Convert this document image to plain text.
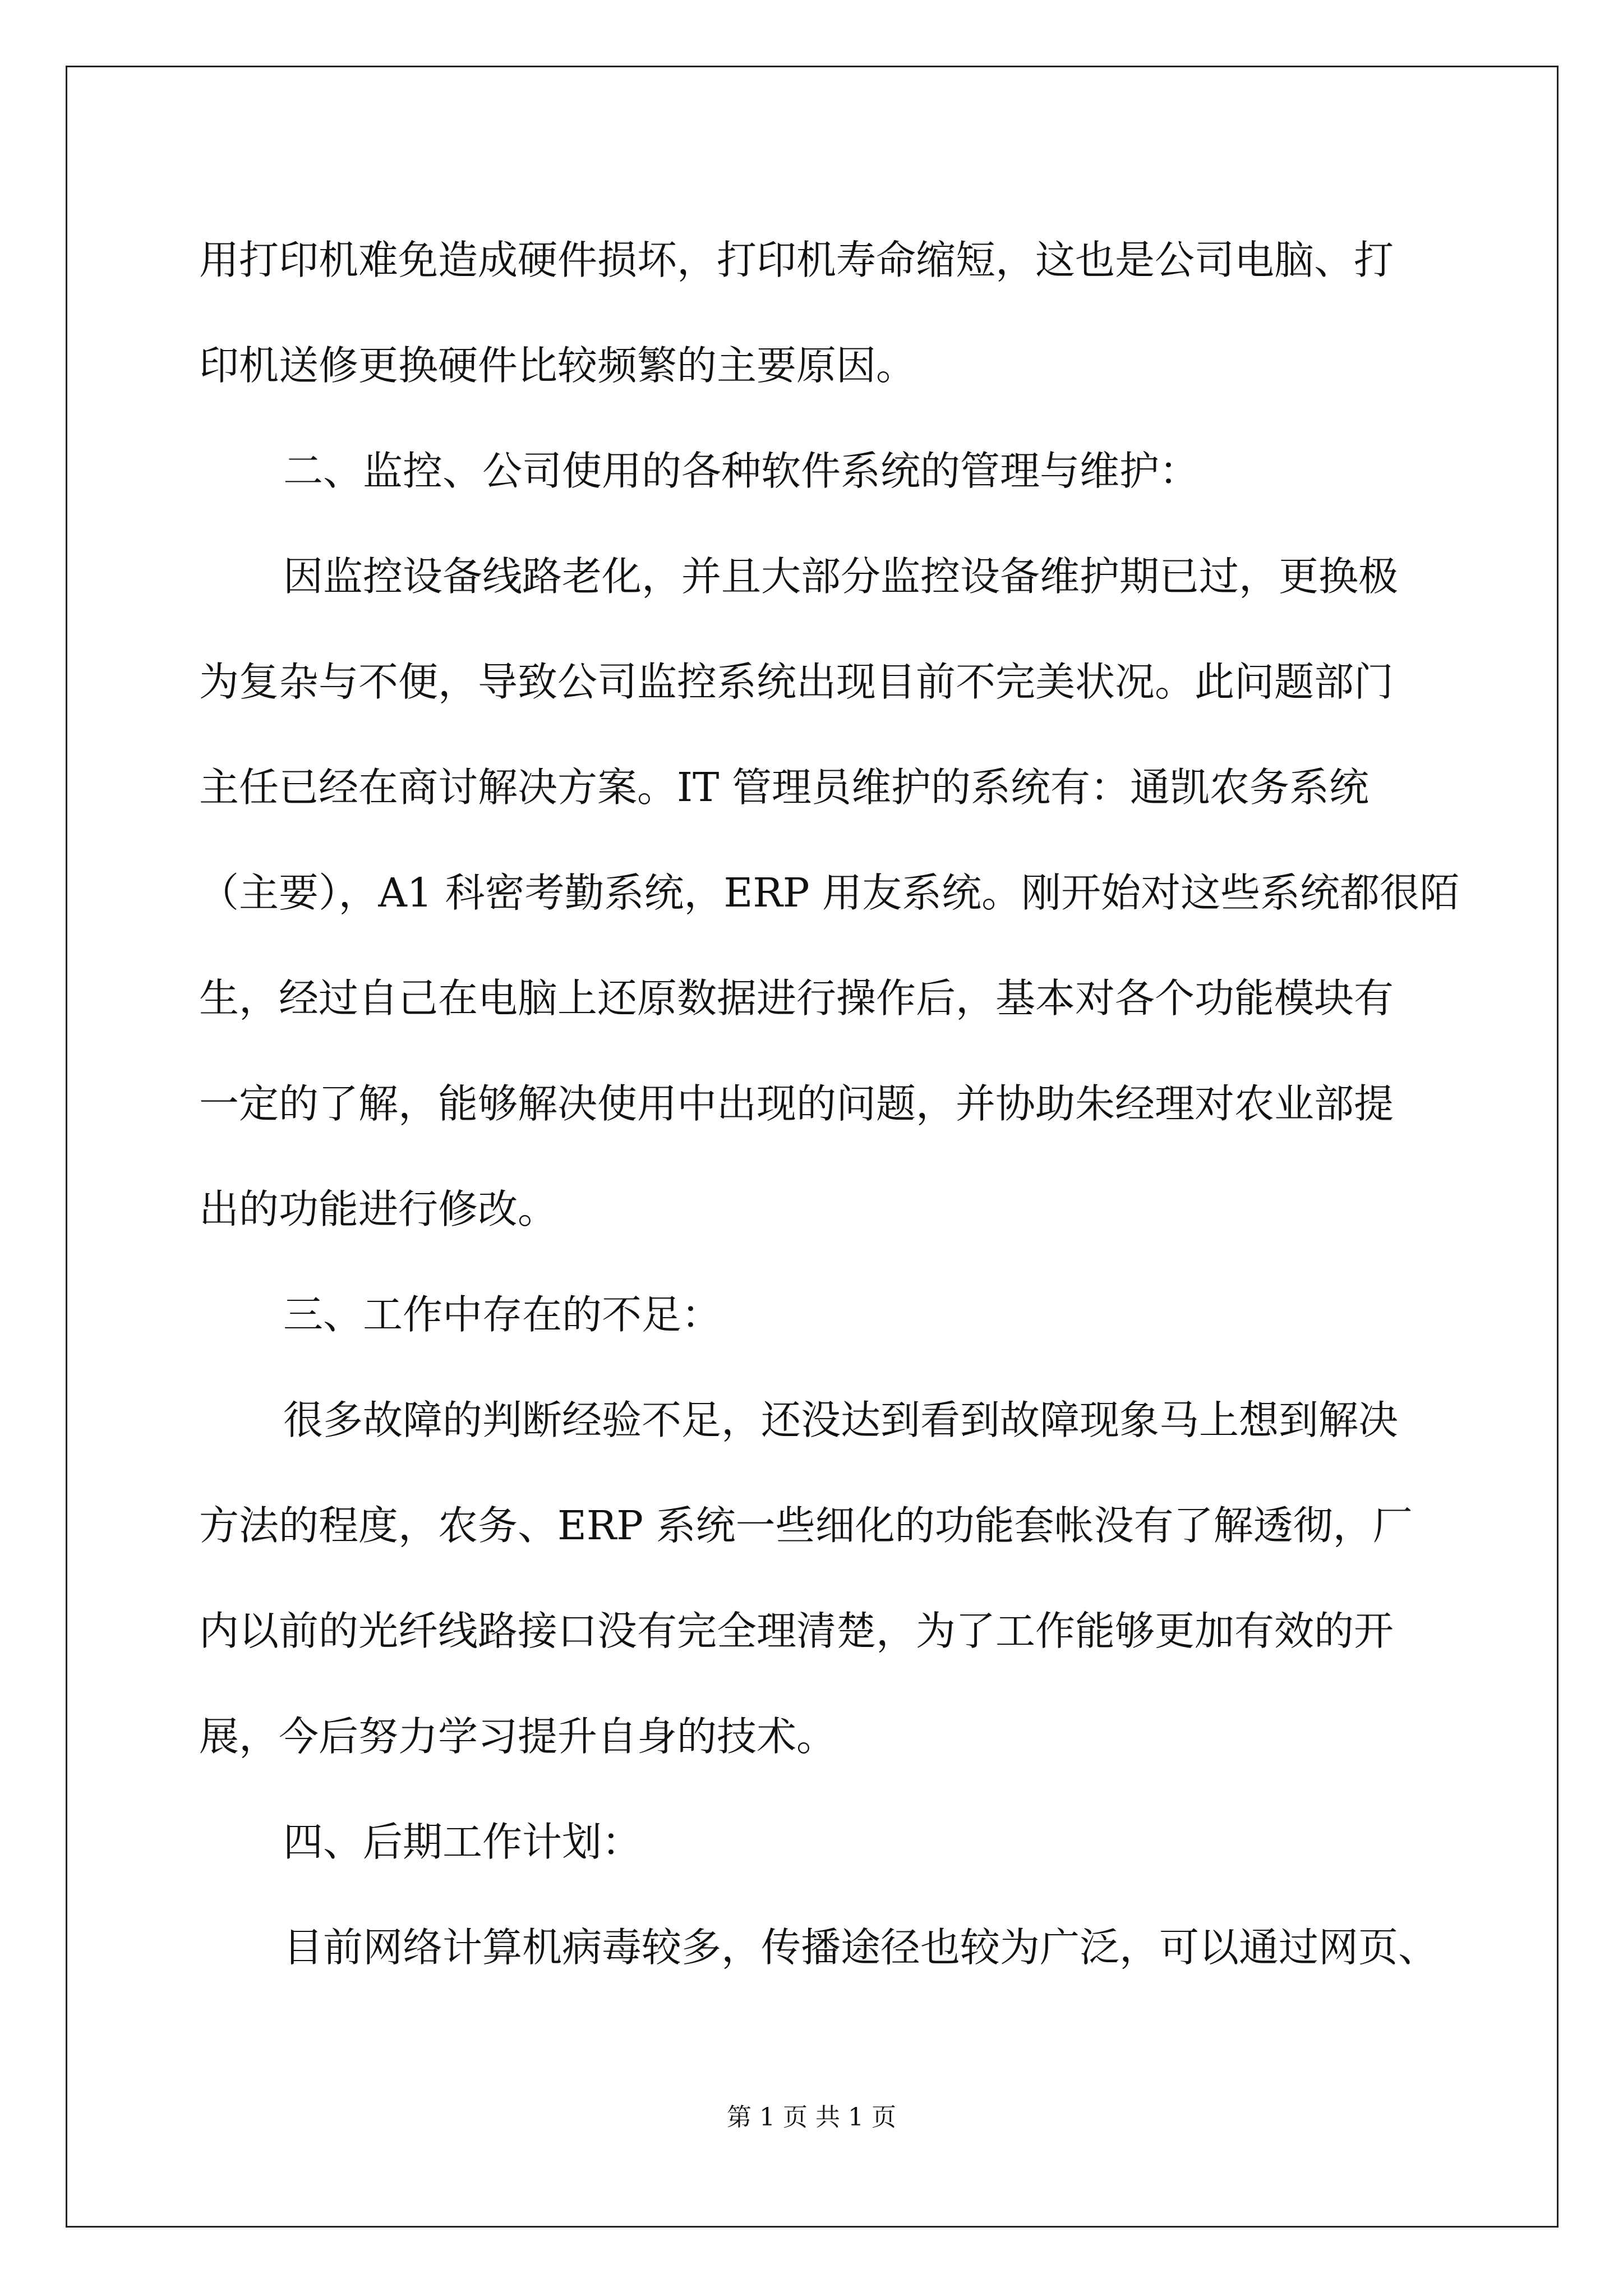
用打印机难免造成硬件损坏，打印机寿命缩短，这也是公司电脑、打
印机送修更换硬件比较频繁的主要原因。
二、监控、公司使用的各种软件系统的管理与维护：
因监控设备线路老化，并且大部分监控设备维护期已过，更换极
为复杂与不便，导致公司监控系统出现目前不完美状况。此问题部门
主任已经在商讨解决方案。IT 管理员维护的系统有：通凯农务系统
（主要），A1 科密考勤系统，ERP 用友系统。刚开始对这些系统都很陌
生，经过自己在电脑上还原数据进行操作后，基本对各个功能模块有
一定的了解，能够解决使用中出现的问题，并协助朱经理对农业部提
出的功能进行修改。
三、工作中存在的不足：
很多故障的判断经验不足，还没达到看到故障现象马上想到解决
方法的程度，农务、ERP 系统一些细化的功能套帐没有了解透彻，厂
内以前的光纤线路接口没有完全理清楚，为了工作能够更加有效的开
展，今后努力学习提升自身的技术。
四、后期工作计划：
目前网络计算机病毒较多，传播途径也较为广泛，可以通过网页、
第 1 页 共 1 页
